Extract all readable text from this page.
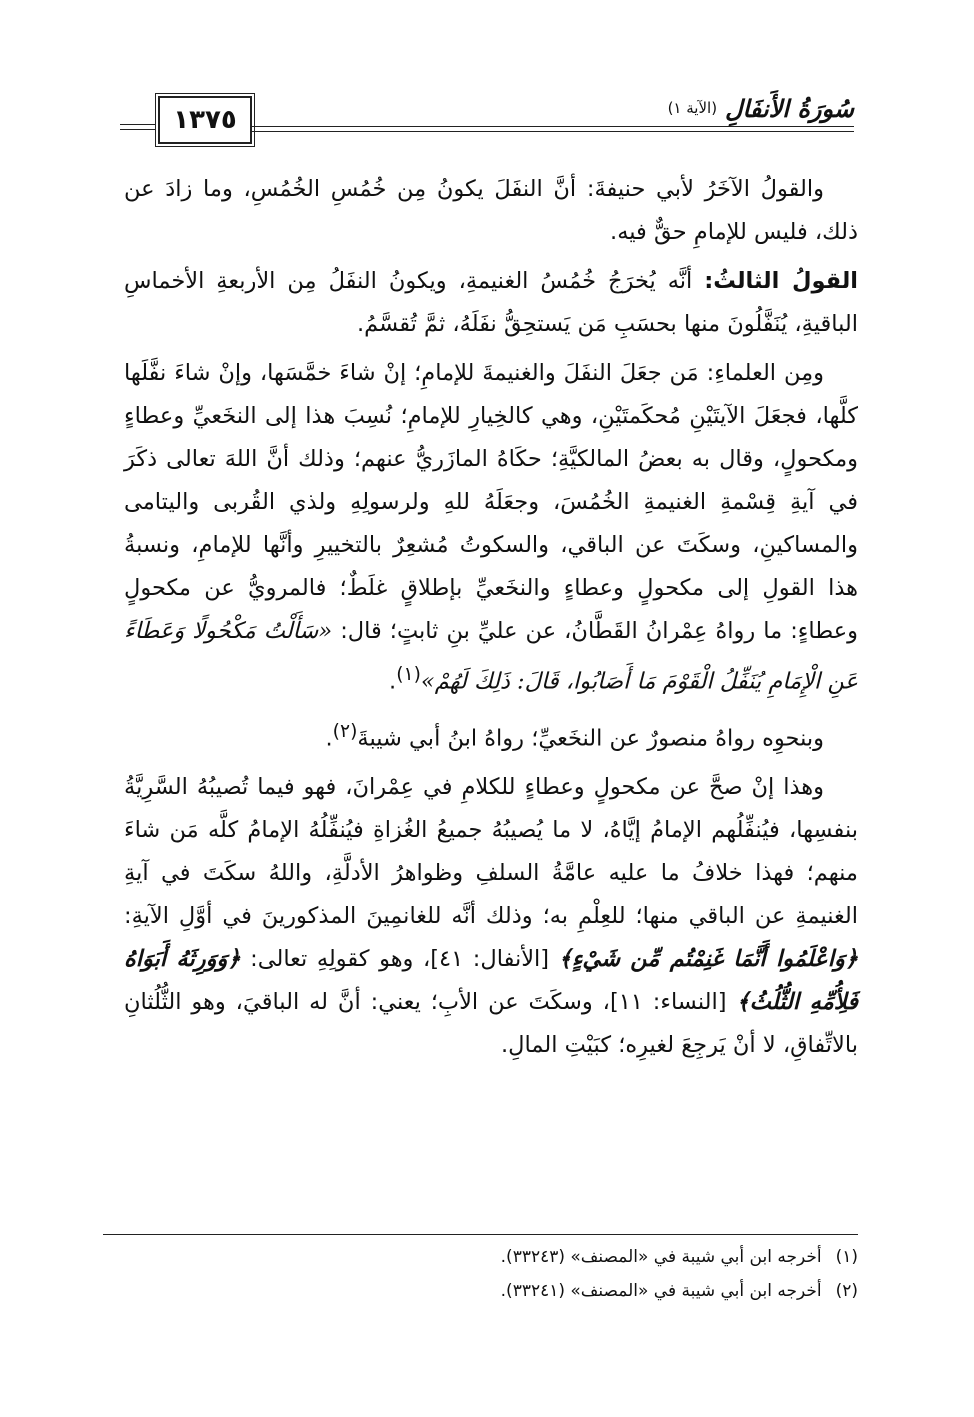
١٣٧٥	سُورَةُ الأَنفَالِ
(الآية ١)

والقولُ الآخَرُ لأبي حنيفةَ: أنَّ النفَلَ يكونُ مِن خُمُسِ الخُمُسِ، وما زادَ عن ذلك، فليس للإمامِ حقٌّ فيه.

القولُ الثالثُ: أنَّه يُخرَجُ خُمُسُ الغنيمةِ، ويكونُ النفَلُ مِن الأربعةِ الأخماسِ الباقيةِ، يُنَفَّلُونَ منها بحسَبِ مَن يَستحِقُّ نفَلَهُ، ثمَّ تُقسَّمُ.

ومِن العلماءِ: مَن جعَلَ النفَلَ والغنيمةَ للإمامِ؛ إنْ شاءَ خمَّسَها، وإنْ شاءَ نفَّلَها كلَّها، فجعَلَ الآيتَيْنِ مُحكَمتَيْنِ، وهي كالخِيارِ للإمامِ؛ نُسِبَ هذا إلى النخَعيِّ وعطاءٍ ومكحولٍ، وقال به بعضُ المالكيَّةِ؛ حكَاهُ المازَريُّ عنهم؛ وذلك أنَّ اللهَ تعالى ذكَرَ في آيةِ قِسْمةِ الغنيمةِ الخُمُسَ، وجعَلَهُ للهِ ولرسولِهِ ولذي القُربى واليتامى والمساكينِ، وسكَتَ عن الباقي، والسكوتُ مُشعِرٌ بالتخييرِ وأنَّها للإمامِ، ونسبةُ هذا القولِ إلى مكحولٍ وعطاءٍ والنخَعيِّ بإطلاقٍ غلَطٌ؛ فالمرويُّ عن مكحولٍ وعطاءٍ: ما رواهُ عِمْرانُ القَطَّانُ، عن عليِّ بنِ ثابتٍ؛ قال: «سَأَلْتُ مَكْحُولًا وَعَطَاءً عَنِ الْإِمَامِ يُنَفِّلُ الْقَوْمَ مَا أَصَابُوا، قَالَ: ذَلِكَ لَهُمْ»$^{(١)}$.

وبنحوِه رواهُ منصورٌ عن النخَعيِّ؛ رواهُ ابنُ أبي شيبةَ$^{(٢)}$.

وهذا إنْ صحَّ عن مكحولٍ وعطاءٍ للكلامِ في عِمْرانَ، فهو فيما تُصيبُهُ السَّرِيَّةُ بنفسِها، فيُنفِّلُهم الإمامُ إيَّاهُ، لا ما يُصيبُهُ جميعُ الغُزاةِ فيُنفِّلُهُ الإمامُ كلَّه مَن شاءَ منهم؛ فهذا خلافُ ما عليه عامَّةُ السلفِ وظواهرُ الأدلَّةِ، واللهُ سكَتَ في آيةِ الغنيمةِ عن الباقي منها؛ للعِلْمِ به؛ وذلك أنَّه للغانمِينَ المذكورينَ في أوَّلِ الآيةِ: ﴿وَاعْلَمُوا أَنَّمَا غَنِمْتُم مِّن شَيْءٍ﴾ [الأنفال: ٤١]، وهو كقولِهِ تعالى: ﴿وَوَرِثَهُ أَبَوَاهُ فَلِأُمِّهِ الثُّلُثُ﴾ [النساء: ١١]، وسكَتَ عن الأبِ؛ يعني: أنَّ له الباقيَ، وهو الثُّلُثانِ بالاتِّفاقِ، لا أنْ يَرجِعَ لغيرِه؛ كبَيْتِ المالِ.

(١)
أخرجه ابن أبي شيبة في «المصنف» (٣٣٢٤٣).
(٢)
أخرجه ابن أبي شيبة في «المصنف» (٣٣٢٤١).
